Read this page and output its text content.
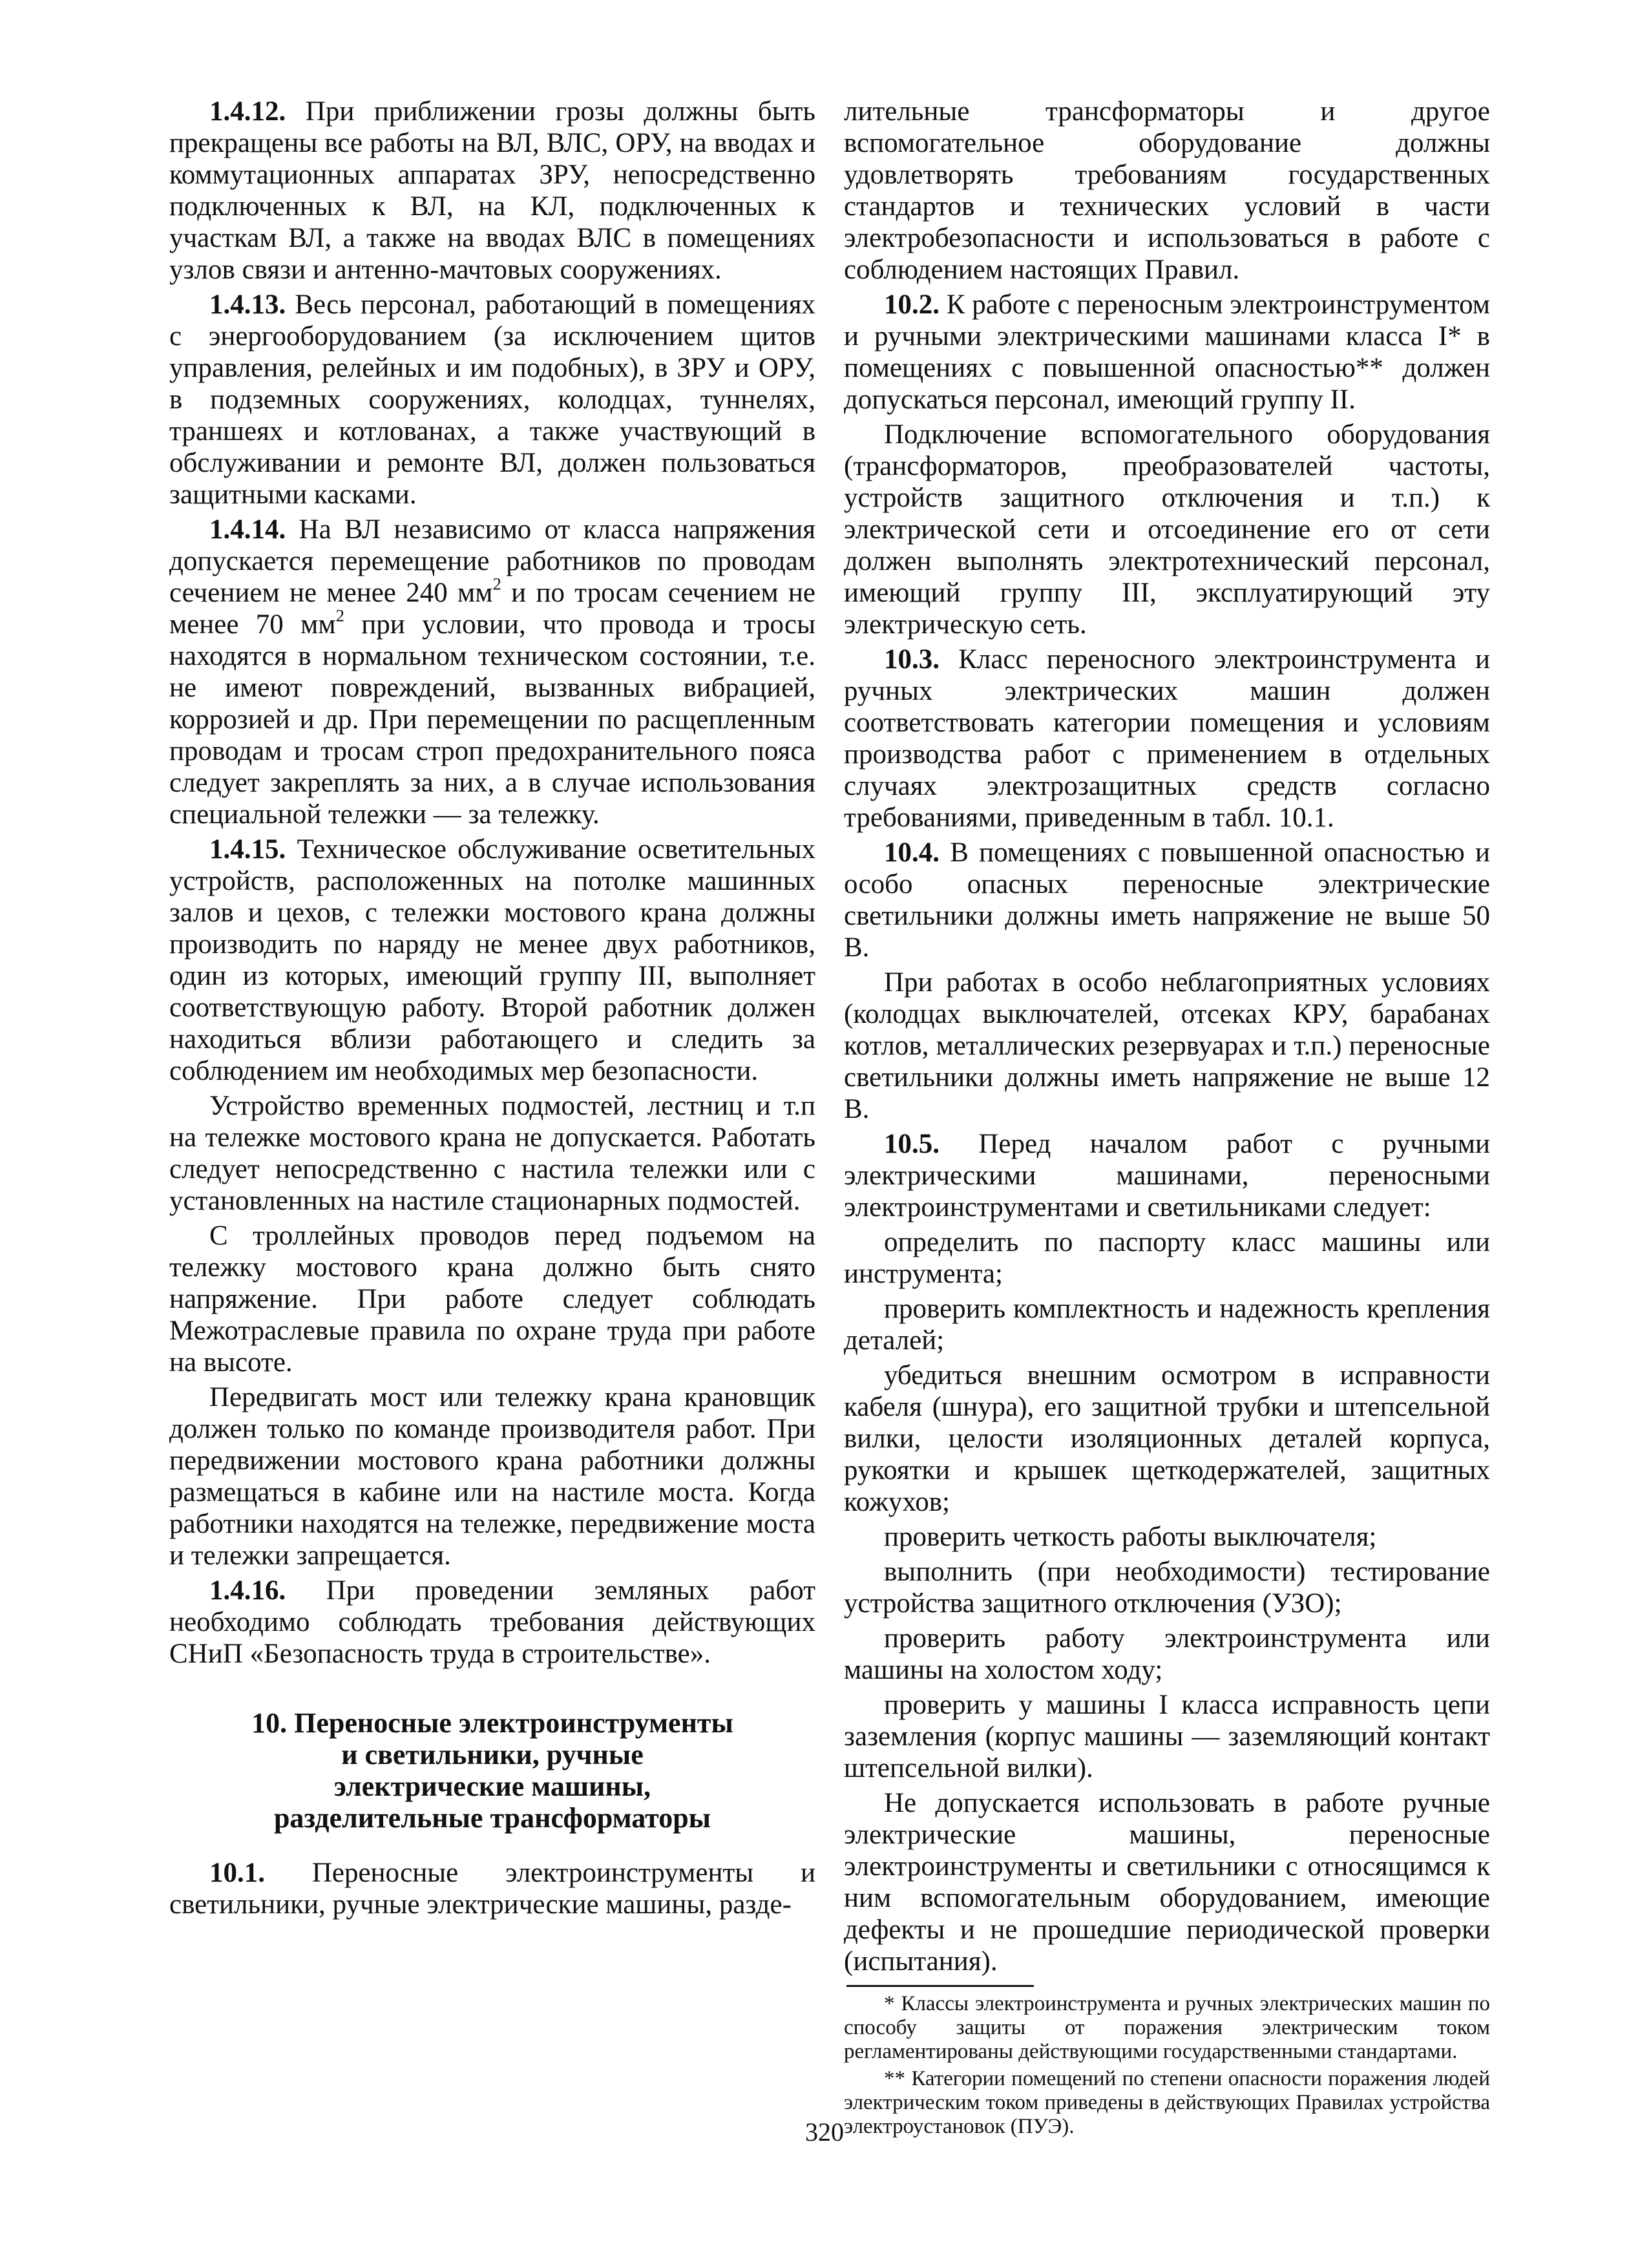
1.4.12. При приближении грозы должны быть прекращены все работы на ВЛ, ВЛС, ОРУ, на вводах и коммутационных аппаратах ЗРУ, непосредственно подключенных к ВЛ, на КЛ, подключенных к участкам ВЛ, а также на вводах ВЛС в помещениях узлов связи и антенно-мачтовых сооружениях.

1.4.13. Весь персонал, работающий в помещениях с энергооборудованием (за исключением щитов управления, релейных и им подобных), в ЗРУ и ОРУ, в подземных сооружениях, колодцах, туннелях, траншеях и котлованах, а также участвующий в обслуживании и ремонте ВЛ, должен пользоваться защитными касками.

1.4.14. На ВЛ независимо от класса напряжения допускается перемещение работников по проводам сечением не менее 240 $мм^2$ и по тросам сечением не менее 70 $мм^2$ при условии, что провода и тросы находятся в нормальном техническом состоянии, т.е. не имеют повреждений, вызванных вибрацией, коррозией и др. При перемещении по расщепленным проводам и тросам строп предохранительного пояса следует закреплять за них, а в случае использования специальной тележки — за тележку.

1.4.15. Техническое обслуживание осветительных устройств, расположенных на потолке машинных залов и цехов, с тележки мостового крана должны производить по наряду не менее двух работников, один из которых, имеющий группу III, выполняет соответствующую работу. Второй работник должен находиться вблизи работающего и следить за соблюдением им необходимых мер безопасности.

Устройство временных подмостей, лестниц и т.п на тележке мостового крана не допускается. Работать следует непосредственно с настила тележки или с установленных на настиле стационарных подмостей.

С троллейных проводов перед подъемом на тележку мостового крана должно быть снято напряжение. При работе следует соблюдать Межотраслевые правила по охране труда при работе на высоте.

Передвигать мост или тележку крана крановщик должен только по команде производителя работ. При передвижении мостового крана работники должны размещаться в кабине или на настиле моста. Когда работники находятся на тележке, передвижение моста и тележки запрещается.

1.4.16. При проведении земляных работ необходимо соблюдать требования действующих СНиП «Безопасность труда в строительстве».

10. Переносные электроинструменты
и светильники, ручные
электрические машины,
разделительные трансформаторы

10.1. Переносные электроинструменты и светильники, ручные электрические машины, разде-

лительные трансформаторы и другое вспомогательное оборудование должны удовлетворять требованиям государственных стандартов и технических условий в части электробезопасности и использоваться в работе с соблюдением настоящих Правил.

10.2. К работе с переносным электроинструментом и ручными электрическими машинами класса I* в помещениях с повышенной опасностью** должен допускаться персонал, имеющий группу II.

Подключение вспомогательного оборудования (трансформаторов, преобразователей частоты, устройств защитного отключения и т.п.) к электрической сети и отсоединение его от сети должен выполнять электротехнический персонал, имеющий группу III, эксплуатирующий эту электрическую сеть.

10.3. Класс переносного электроинструмента и ручных электрических машин должен соответствовать категории помещения и условиям производства работ с применением в отдельных случаях электрозащитных средств согласно требованиями, приведенным в табл. 10.1.

10.4. В помещениях с повышенной опасностью и особо опасных переносные электрические светильники должны иметь напряжение не выше 50 В.

При работах в особо неблагоприятных условиях (колодцах выключателей, отсеках КРУ, барабанах котлов, металлических резервуарах и т.п.) переносные светильники должны иметь напряжение не выше 12 В.

10.5. Перед началом работ с ручными электрическими машинами, переносными электроинструментами и светильниками следует:

определить по паспорту класс машины или инструмента;

проверить комплектность и надежность крепления деталей;

убедиться внешним осмотром в исправности кабеля (шнура), его защитной трубки и штепсельной вилки, целости изоляционных деталей корпуса, рукоятки и крышек щеткодержателей, защитных кожухов;

проверить четкость работы выключателя;

выполнить (при необходимости) тестирование устройства защитного отключения (УЗО);

проверить работу электроинструмента или машины на холостом ходу;

проверить у машины I класса исправность цепи заземления (корпус машины — заземляющий контакт штепсельной вилки).

Не допускается использовать в работе ручные электрические машины, переносные электроинструменты и светильники с относящимся к ним вспомогательным оборудованием, имеющие дефекты и не прошедшие периодической проверки (испытания).

* Классы электроинструмента и ручных электрических машин по способу защиты от поражения электрическим током регламентированы действующими государственными стандартами.

** Категории помещений по степени опасности поражения людей электрическим током приведены в действующих Правилах устройства электроустановок (ПУЭ).

320
